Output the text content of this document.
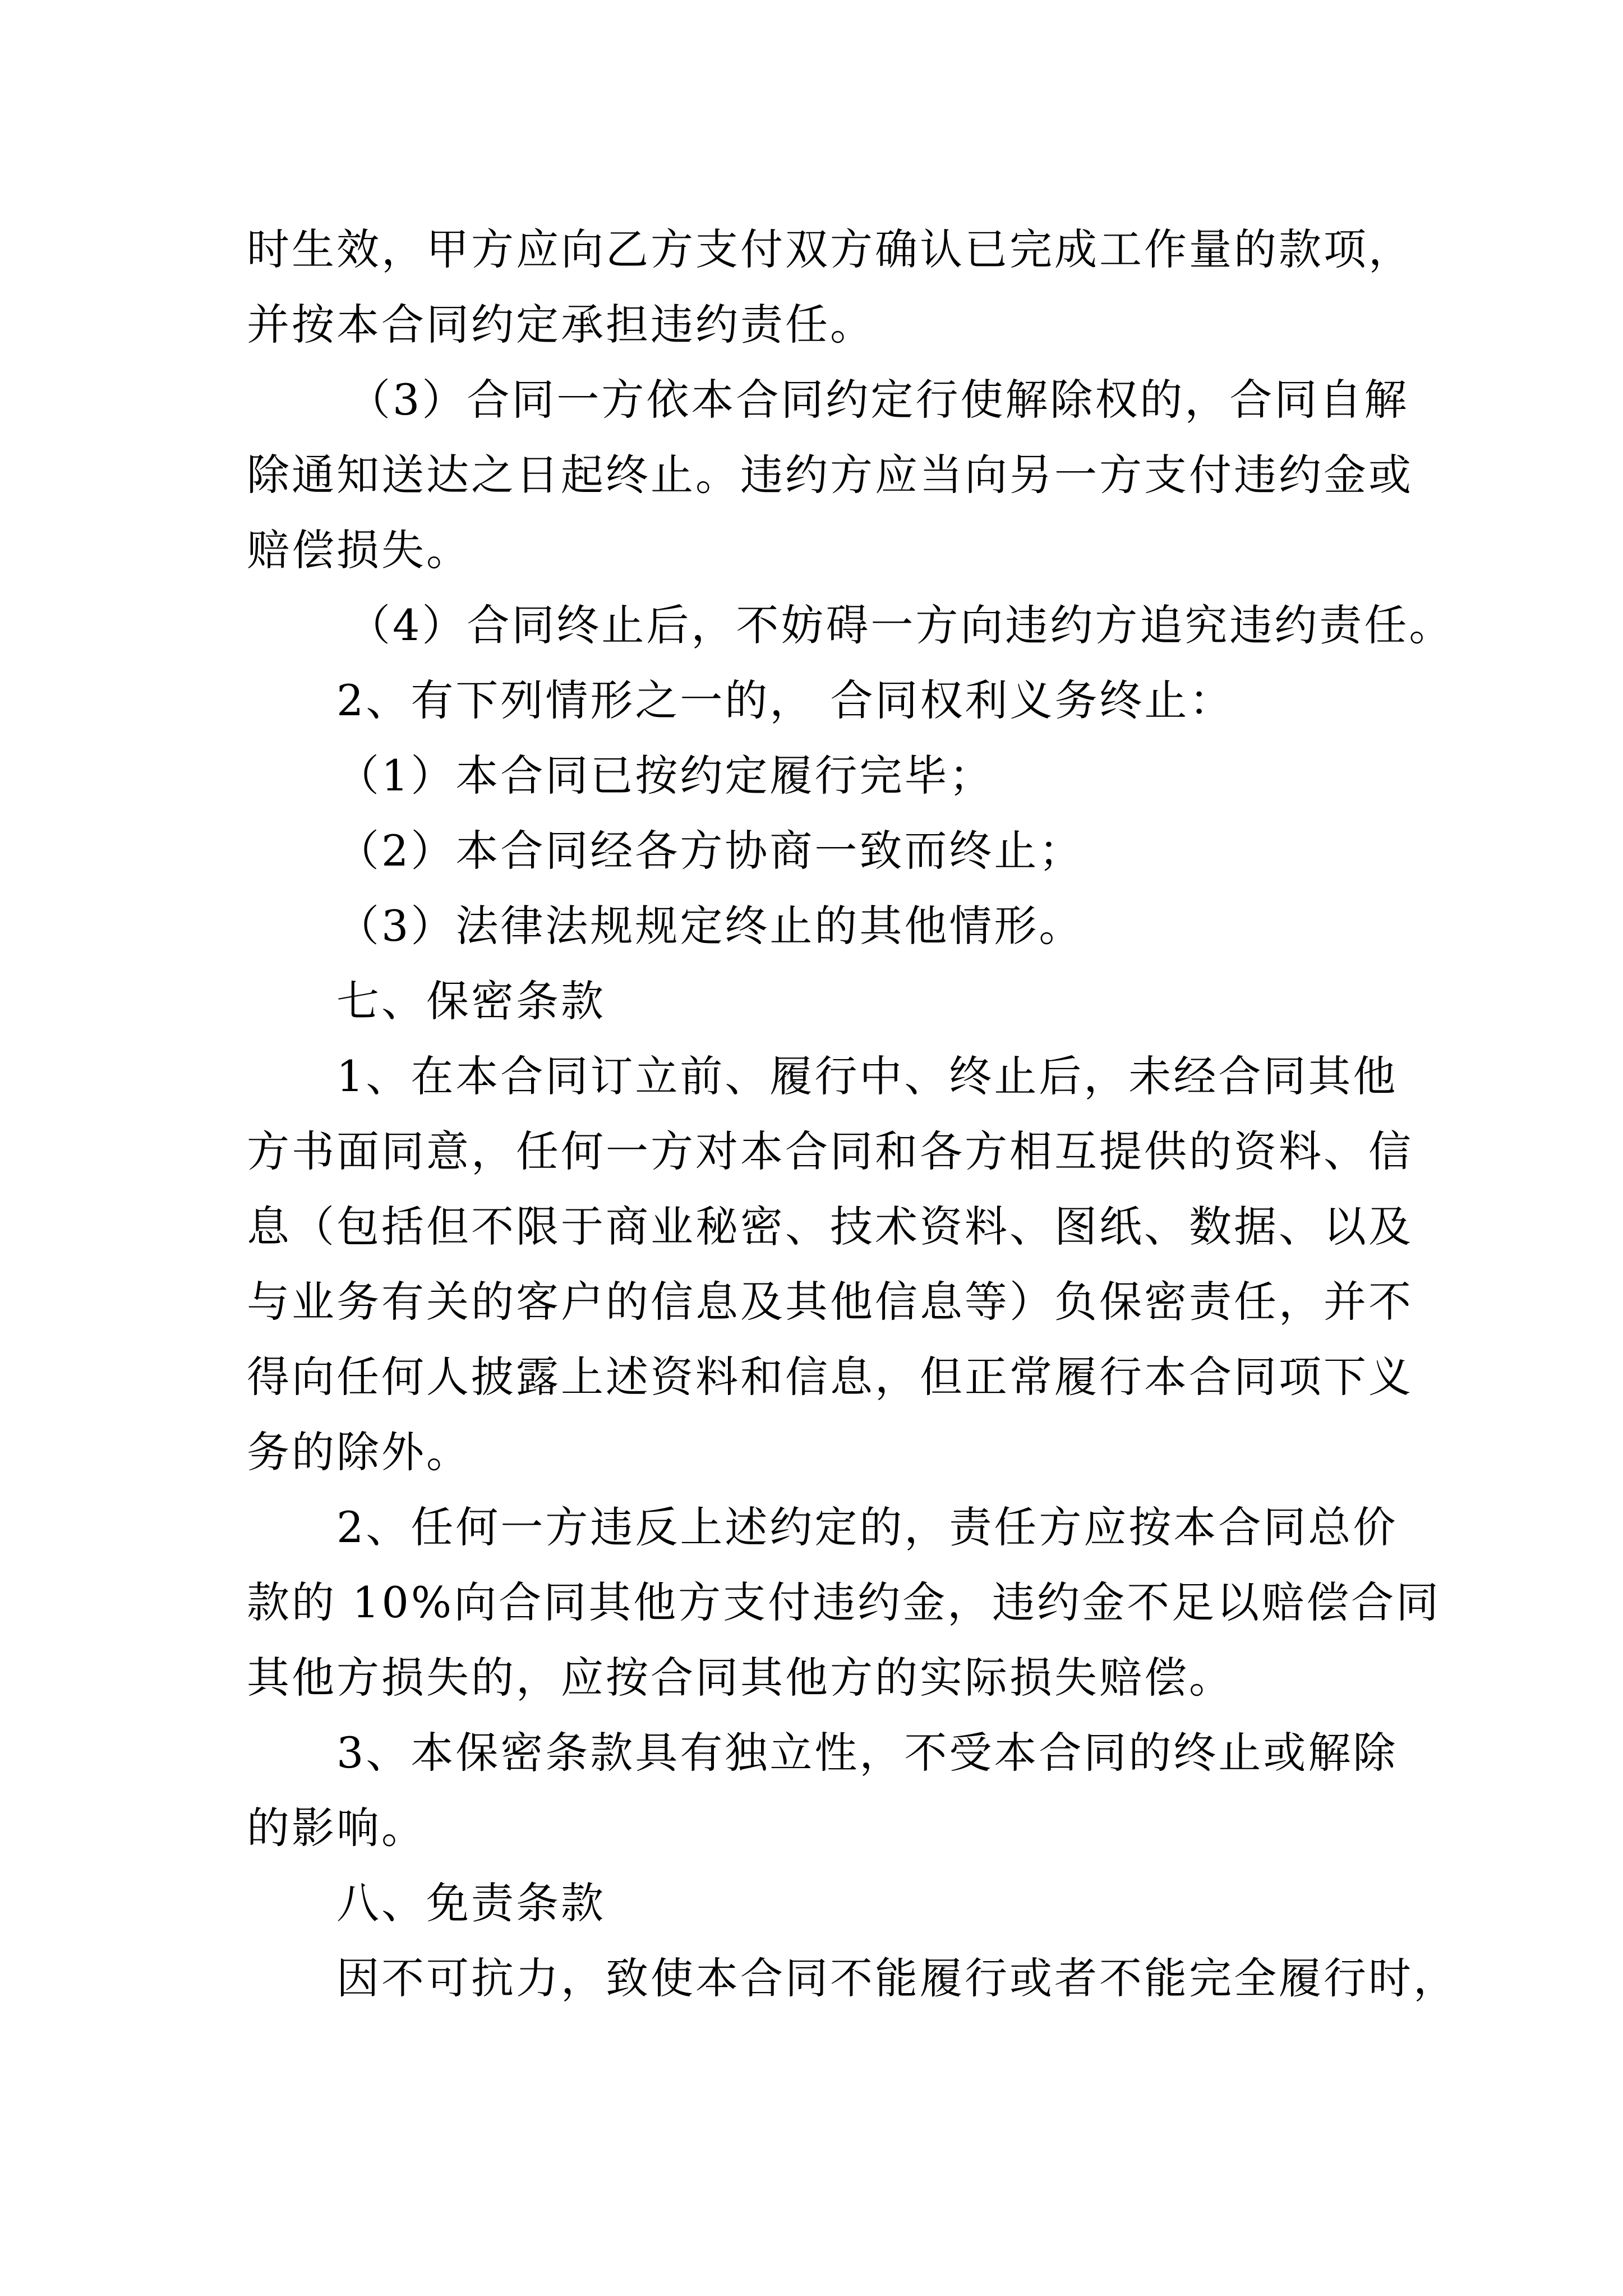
时生效，甲方应向乙方支付双方确认已完成工作量的款项，
并按本合同约定承担违约责任。
（3）合同一方依本合同约定行使解除权的，合同自解
除通知送达之日起终止。违约方应当向另一方支付违约金或
赔偿损失。
（4）合同终止后，不妨碍一方向违约方追究违约责任。
2、有下列情形之一的， 合同权利义务终止：
（1）本合同已按约定履行完毕；
（2）本合同经各方协商一致而终止；
（3）法律法规规定终止的其他情形。
七、保密条款
1、在本合同订立前、履行中、终止后，未经合同其他
方书面同意，任何一方对本合同和各方相互提供的资料、信
息（包括但不限于商业秘密、技术资料、图纸、数据、以及
与业务有关的客户的信息及其他信息等）负保密责任，并不
得向任何人披露上述资料和信息，但正常履行本合同项下义
务的除外。
2、任何一方违反上述约定的，责任方应按本合同总价
款的 10%向合同其他方支付违约金，违约金不足以赔偿合同
其他方损失的，应按合同其他方的实际损失赔偿。
3、本保密条款具有独立性，不受本合同的终止或解除
的影响。
八、免责条款
因不可抗力，致使本合同不能履行或者不能完全履行时，
